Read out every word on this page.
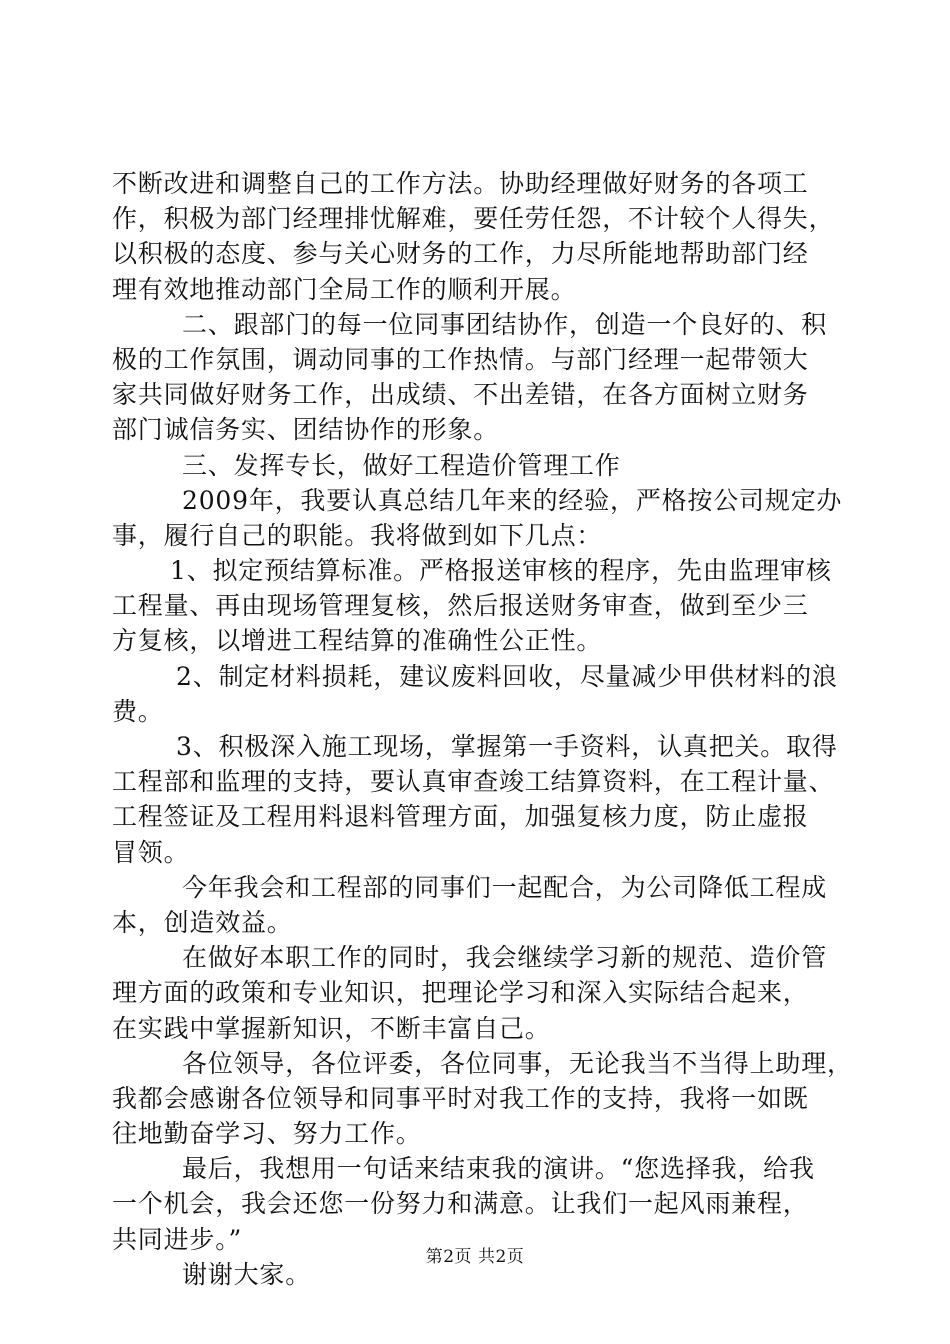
不断改进和调整自己的工作方法。协助经理做好财务的各项工
作，积极为部门经理排忧解难，要任劳任怨，不计较个人得失，
以积极的态度、参与关心财务的工作，力尽所能地帮助部门经
理有效地推动部门全局工作的顺利开展。
二、跟部门的每一位同事团结协作，创造一个良好的、积
极的工作氛围，调动同事的工作热情。与部门经理一起带领大
家共同做好财务工作，出成绩、不出差错，在各方面树立财务
部门诚信务实、团结协作的形象。
三、发挥专长，做好工程造价管理工作
2009年，我要认真总结几年来的经验，严格按公司规定办
事，履行自己的职能。我将做到如下几点：
1、拟定预结算标准。严格报送审核的程序，先由监理审核
工程量、再由现场管理复核，然后报送财务审查，做到至少三
方复核，以增进工程结算的准确性公正性。
2、制定材料损耗，建议废料回收，尽量减少甲供材料的浪
费。
3、积极深入施工现场，掌握第一手资料，认真把关。取得
工程部和监理的支持，要认真审查竣工结算资料，在工程计量、
工程签证及工程用料退料管理方面，加强复核力度，防止虚报
冒领。
今年我会和工程部的同事们一起配合，为公司降低工程成
本，创造效益。
在做好本职工作的同时，我会继续学习新的规范、造价管
理方面的政策和专业知识，把理论学习和深入实际结合起来，
在实践中掌握新知识，不断丰富自己。
各位领导，各位评委，各位同事，无论我当不当得上助理，
我都会感谢各位领导和同事平时对我工作的支持，我将一如既
往地勤奋学习、努力工作。
最后，我想用一句话来结束我的演讲。“您选择我，给我
一个机会，我会还您一份努力和满意。让我们一起风雨兼程，
共同进步。”
谢谢大家。
第2页 共2页
